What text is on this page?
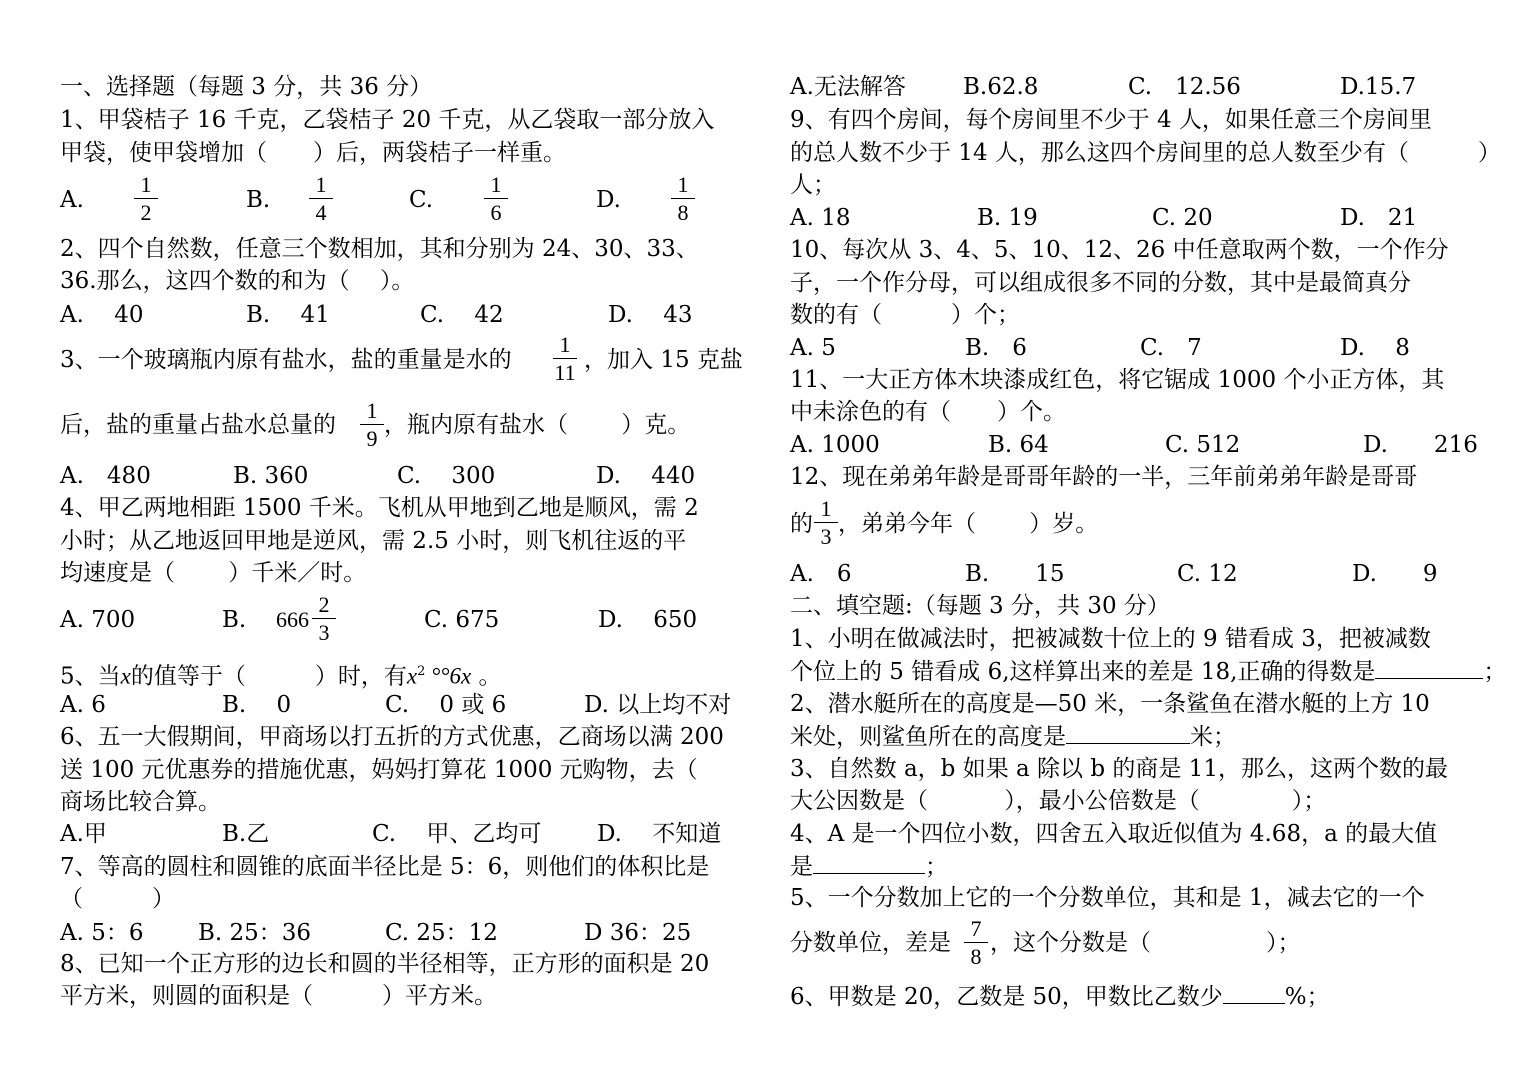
一、选择题（每题 3 分，共 36 分）
1、甲袋桔子 16 千克，乙袋桔子 20 千克，从乙袋取一部分放入
甲袋，使甲袋增加（　　）后，两袋桔子一样重。
A.
1
2	B.
1
4	C.
1
6	D.
1
8
2、四个自然数，任意三个数相加，其和分别为 24、30、33、
36.那么，这四个数的和为（　 ）。
A.　 40	B.　 41	C.　 42	D.　 43
3、一个玻璃瓶内原有盐水，盐的重量是水的
1
11 ，加入 15 克盐
后，盐的重量占盐水总量的
1
9
，瓶内原有盐水（　　 ）克。
A.　480	B. 360	C.　 300	D.　 440
4、甲乙两地相距 1500 千米。飞机从甲地到乙地是顺风，需 2
小时；从乙地返回甲地是逆风，需 2.5 小时，则飞机往返的平
均速度是（　　 ）千米／时。
A. 700	B. 666
2
3	C. 675	D.　 650
5、当x的值等于（　　　）时，有$x^2$ °°6x 。
A. 6	B.　 0	C.　 0 或 6	D. 以上均不对
6、五一大假期间，甲商场以打五折的方式优惠，乙商场以满 200
送 100 元优惠券的措施优惠，妈妈打算花 1000 元购物，去（　　
商场比较合算。
A.甲	B.乙	C.　 甲、乙均可 D.　 不知道
7、等高的圆柱和圆锥的底面半径比是 5：6，则他们的体积比是
（　　　）
A. 5：6 B. 25：36	C. 25：12	D 36：25
8、已知一个正方形的边长和圆的半径相等，正方形的面积是 20
平方米，则圆的面积是（　　　）平方米。
A.无法解答 B.62.8	C.　12.56	D.15.7
9、有四个房间，每个房间里不少于 4 人，如果任意三个房间里
的总人数不少于 14 人，那么这四个房间里的总人数至少有（　　　）
人；
A. 18	B. 19	C. 20	D.　21
10、每次从 3、4、5、10、12、26 中任意取两个数，一个作分
子，一个作分母，可以组成很多不同的分数，其中是最简真分
数的有（　　　）个；
A. 5	B.　6	C.　7	D.　 8
11、一大正方体木块漆成红色，将它锯成 1000 个小正方体，其
中未涂色的有（　　）个。
A. 1000	B. 64	C. 512	D.　　216
12、现在弟弟年龄是哥哥年龄的一半，三年前弟弟年龄是哥哥
的
1
3 ，弟弟今年（　　 ）岁。
A.　6	B.　　15	C. 12	D.　　9
二、填空题:（每题 3 分，共 30 分）
1、小明在做减法时，把被减数十位上的 9 错看成 3，把被减数
个位上的 5 错看成 6,这样算出来的差是 18,正确的得数是	；
2、潜水艇所在的高度是—50 米，一条鲨鱼在潜水艇的上方 10
米处，则鲨鱼所在的高度是	米；
3、自然数 a，b 如果 a 除以 b 的商是 11，那么，这两个数的最
大公因数是（　　　 ），最小公倍数是（　　　　）；
4、A 是一个四位小数，四舍五入取近似值为 4.68，a 的最大值
是	；
5、一个分数加上它的一个分数单位，其和是 1，减去它的一个
分数单位，差是
7
8
，这个分数是（　　　　　）；
6、甲数是 20，乙数是 50，甲数比乙数少	%；
